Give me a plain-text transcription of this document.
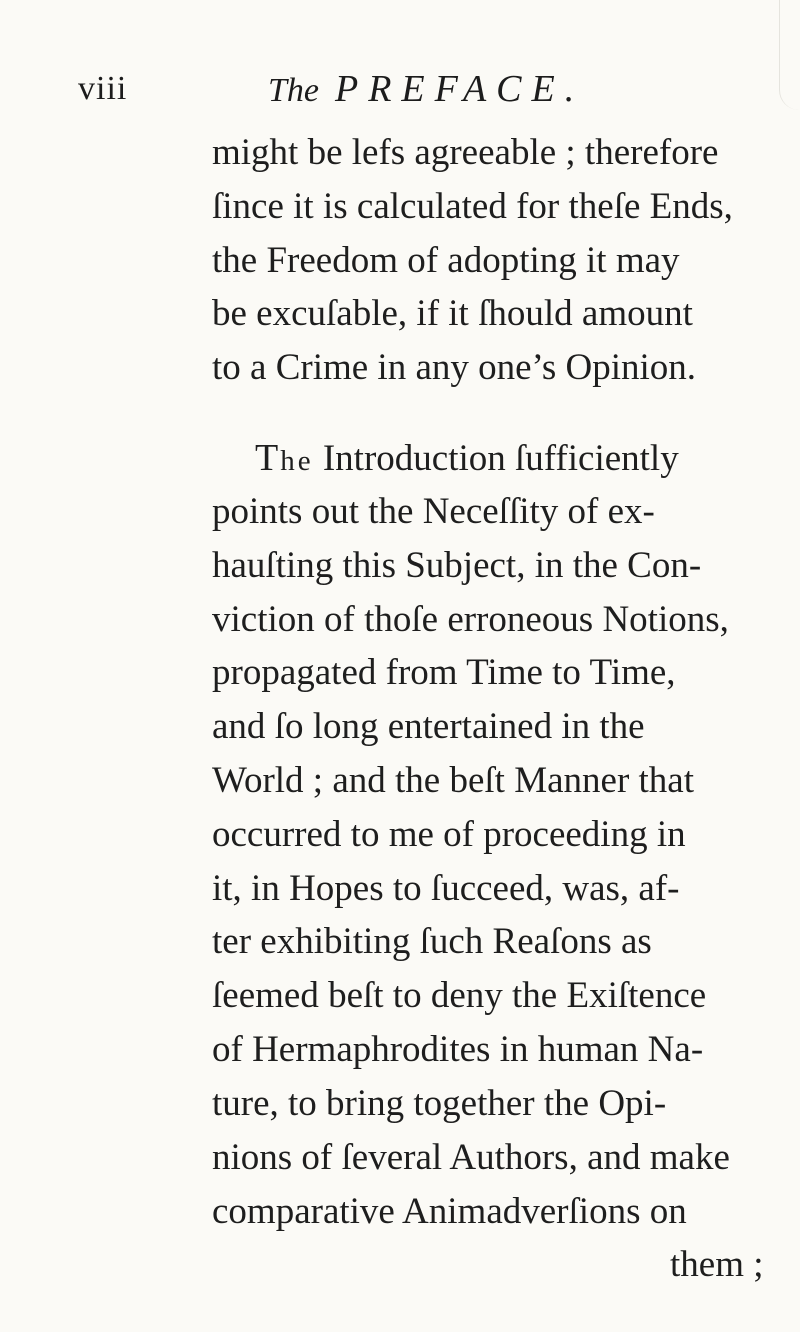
viii	The PREFACE.
might be lefs agreeable ; therefore
ſince it is calculated for theſe Ends,
the Freedom of adopting it may
be excuſable, if it ſhould amount
to a Crime in any one’s Opinion.
The Introduction ſufficiently
points out the Neceſſity of ex-
hauſting this Subject, in the Con-
viction of thoſe erroneous Notions,
propagated from Time to Time,
and ſo long entertained in the
World ; and the beſt Manner that
occurred to me of proceeding in
it, in Hopes to ſucceed, was, af-
ter exhibiting ſuch Reaſons as
ſeemed beſt to deny the Exiſtence
of Hermaphrodites in human Na-
ture, to bring together the Opi-
nions of ſeveral Authors, and make
comparative Animadverſions on
them ;
